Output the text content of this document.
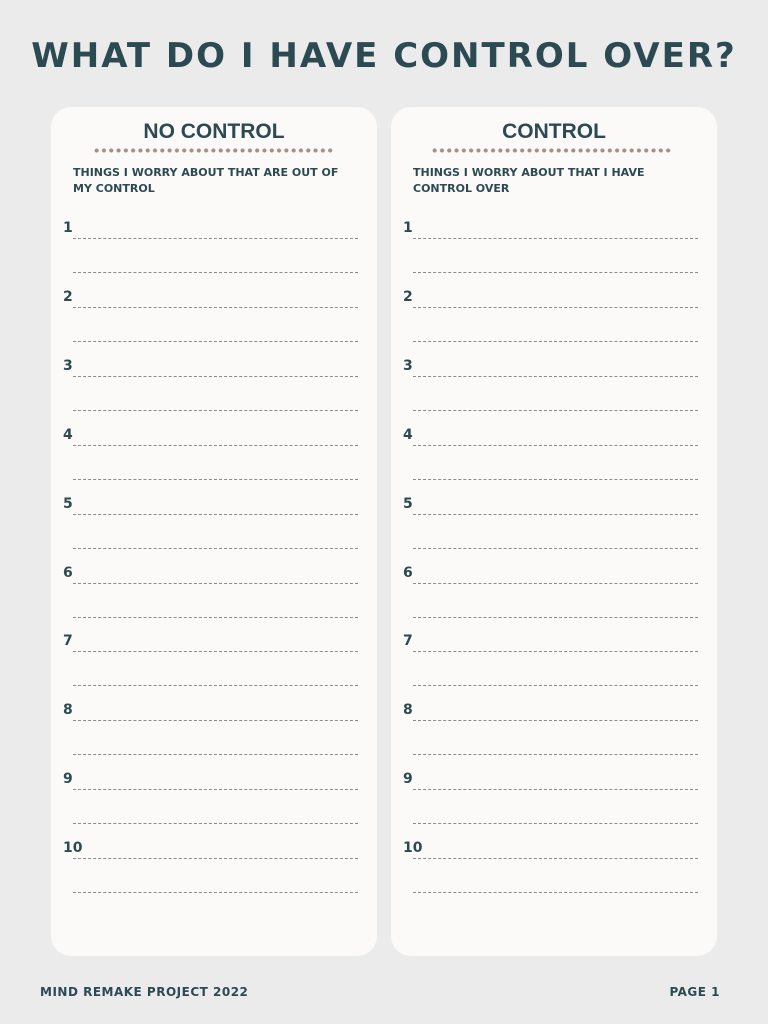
WHAT DO I HAVE CONTROL OVER?
NO CONTROL

THINGS I WORRY ABOUT THAT ARE OUT OF MY CONTROL

1
2
3
4
5
6
7
8
9
10
CONTROL

THINGS I WORRY ABOUT THAT I HAVE CONTROL OVER

1
2
3
4
5
6
7
8
9
10
MIND REMAKE PROJECT 2022	PAGE 1
